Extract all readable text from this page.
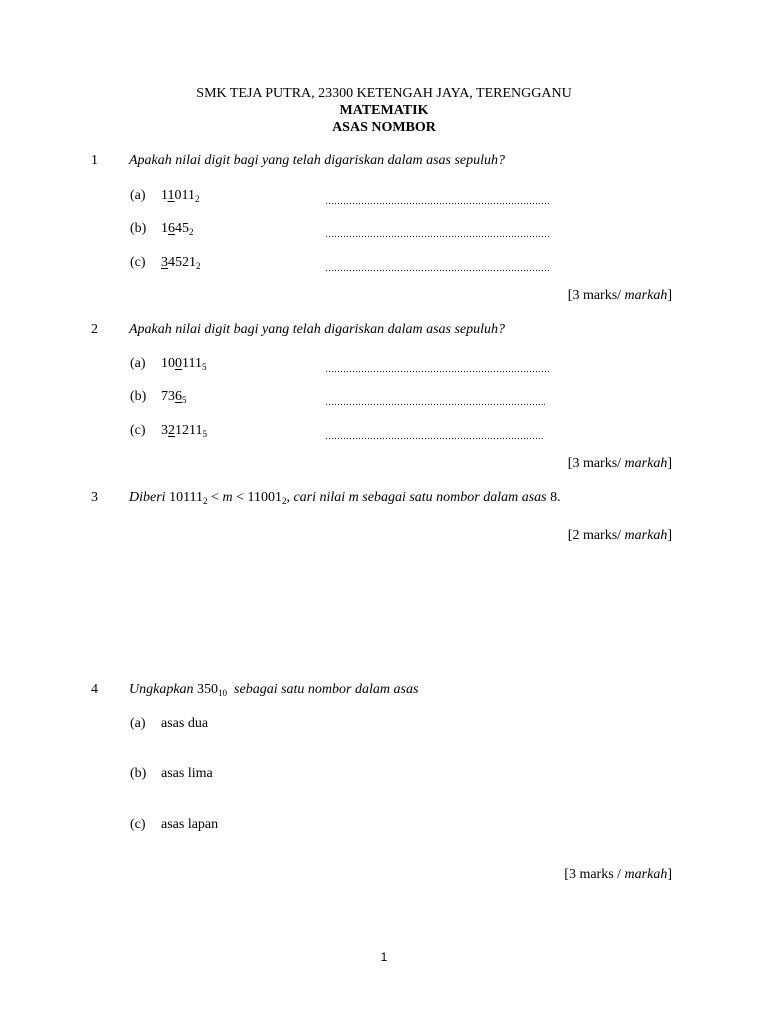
SMK TEJA PUTRA, 23300 KETENGAH JAYA, TERENGGANU
MATEMATIK
ASAS NOMBOR
1 Apakah nilai digit bagi yang telah digariskan dalam asas sepuluh?
(a) $11011_2$	…………………………………………………………………
(b) $1645_2$	…………………………………………………………………
(c) $34521_2$	…………………………………………………………………
[3 marks/ markah]
2 Apakah nilai digit bagi yang telah digariskan dalam asas sepuluh?
(a) $100111_5$	…………………………………………………………………
(b) $736_5$	………………………………………………………………..
(c) $321211_5$	……………………………………………………………….
[3 marks/ markah]
3 Diberi $10111_2 < m < 11001_2$, cari nilai m sebagai satu nombor dalam asas 8.
[2 marks/ markah]
4 Ungkapkan $350_{10}$ sebagai satu nombor dalam asas
(a) asas dua
(b) asas lima
(c) asas lapan
[3 marks / markah]
1
